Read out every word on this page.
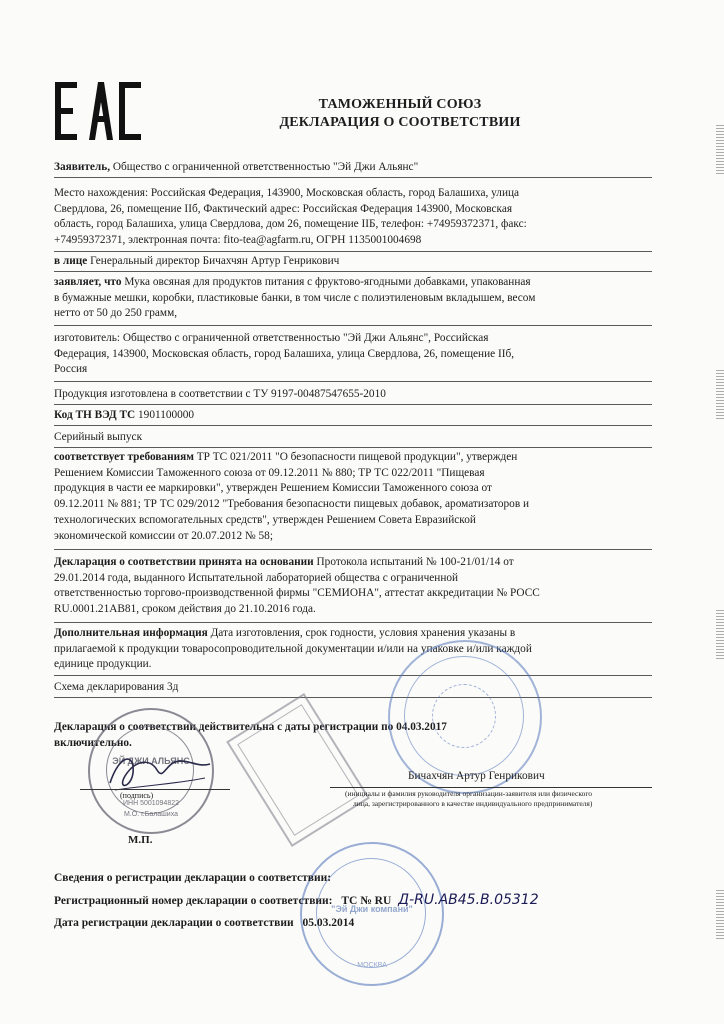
ТАМОЖЕННЫЙ СОЮЗ
ДЕКЛАРАЦИЯ О СООТВЕТСТВИИ
Заявитель, Общество с ограниченной ответственностью "Эй Джи Альянс"
Место нахождения: Российская Федерация, 143900, Московская область, город Балашиха, улица
Свердлова, 26, помещение IIб, Фактический адрес: Российская Федерация 143900, Московская
область, город Балашиха, улица Свердлова, дом 26, помещение IIБ, телефон: +74959372371, факс:
+74959372371, электронная почта: fito-tea@agfarm.ru, ОГРН 1135001004698
в лице Генеральный директор Бичахчян Артур Генрикович
заявляет, что Мука овсяная для продуктов питания с фруктово-ягодными добавками, упакованная
в бумажные мешки, коробки, пластиковые банки, в том числе с полиэтиленовым вкладышем, весом
нетто от 50 до 250 грамм,
изготовитель: Общество с ограниченной ответственностью "Эй Джи Альянс", Российская
Федерация, 143900, Московская область, город Балашиха, улица Свердлова, 26, помещение IIб,
Россия
Продукция изготовлена в соответствии с ТУ 9197-00487547655-2010
Код ТН ВЭД ТС 1901100000
Серийный выпуск
соответствует требованиям ТР ТС 021/2011 "О безопасности пищевой продукции", утвержден
Решением Комиссии Таможенного союза от 09.12.2011 № 880; ТР ТС 022/2011 "Пищевая
продукция в части ее маркировки", утвержден Решением Комиссии Таможенного союза от
09.12.2011 № 881; ТР ТС 029/2012 "Требования безопасности пищевых добавок, ароматизаторов и
технологических вспомогательных средств", утвержден Решением Совета Евразийской
экономической комиссии от 20.07.2012 № 58;
Декларация о соответствии принята на основании Протокола испытаний № 100-21/01/14 от
29.01.2014 года, выданного Испытательной лабораторией общества с ограниченной
ответственностью торгово-производственной фирмы "СЕМИОНА", аттестат аккредитации № РОСС
RU.0001.21АВ81, сроком действия до 21.10.2016 года.
Дополнительная информация Дата изготовления, срок годности, условия хранения указаны в
прилагаемой к продукции товаросопроводительной документации и/или на упаковке и/или каждой
единице продукции.
Схема декларирования 3д
Декларация о соответствии действительна с даты регистрации по 04.03.2017
включительно.
ЭЙ ДЖИ АЛЬЯНС
ИНН 5001094822
М.О. г.Балашиха
(подпись)
М.П.
Бичахчян Артур Генрикович
(инициалы и фамилия руководителя организации-заявителя или физического
лица, зарегистрированного в качестве индивидуального предпринимателя)
"Эй Джи компани"
МОСКВА
Сведения о регистрации декларации о соответствии:
Регистрационный номер декларации о соответствии: ТС № RU Д-RU.АВ45.В.05312
Дата регистрации декларации о соответствии 05.03.2014
